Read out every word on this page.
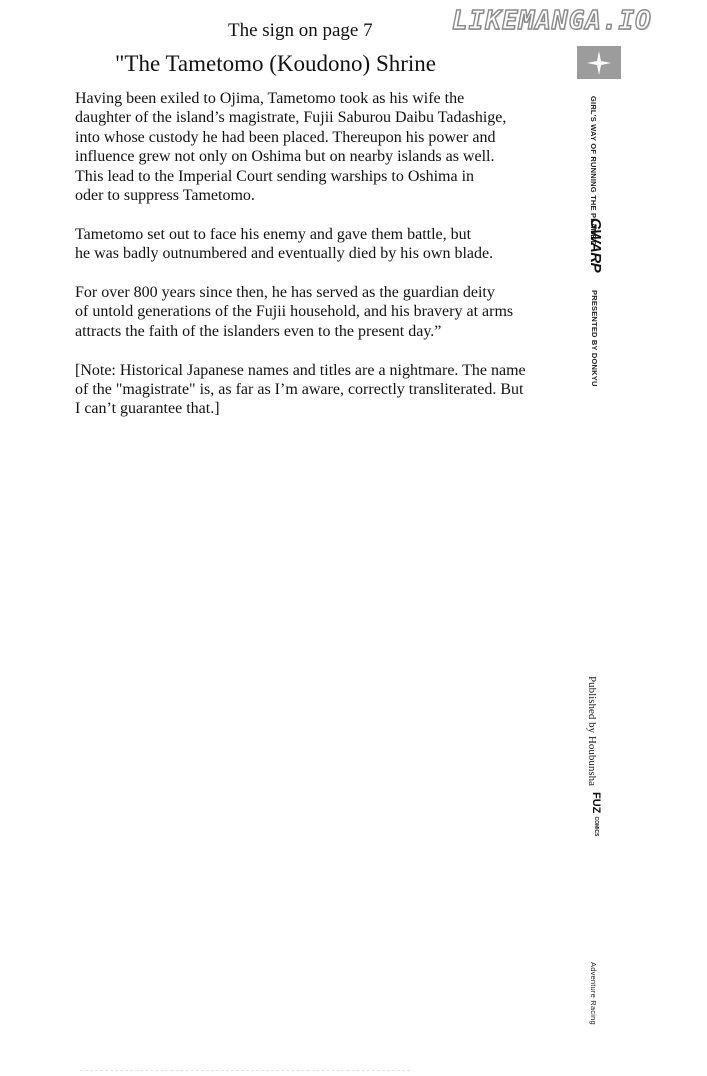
LIKEMANGA.IO
The sign on page 7
"The Tametomo (Koudono) Shrine

Having been exiled to Ojima, Tametomo took as his wife the
daughter of the island’s magistrate, Fujii Saburou Daibu Tadashige,
into whose custody he had been placed. Thereupon his power and
influence grew not only on Oshima but on nearby islands as well.
This lead to the Imperial Court sending warships to Oshima in
oder to suppress Tametomo.

Tametomo set out to face his enemy and gave them battle, but
he was badly outnumbered and eventually died by his own blade.

For over 800 years since then, he has served as the guardian deity
of untold generations of the Fujii household, and his bravery at arms
attracts the faith of the islanders even to the present day.”

[Note: Historical Japanese names and titles are a nightmare. The name
of the "magistrate" is, as far as I’m aware, correctly transliterated. But
I can’t guarantee that.]

GIRL'S WAY OF RUNNING THE PLANET.
GWARP
PRESENTED BY DONKYU
Published by Houbunsha
FUZ COMICS
Adventure Racing
